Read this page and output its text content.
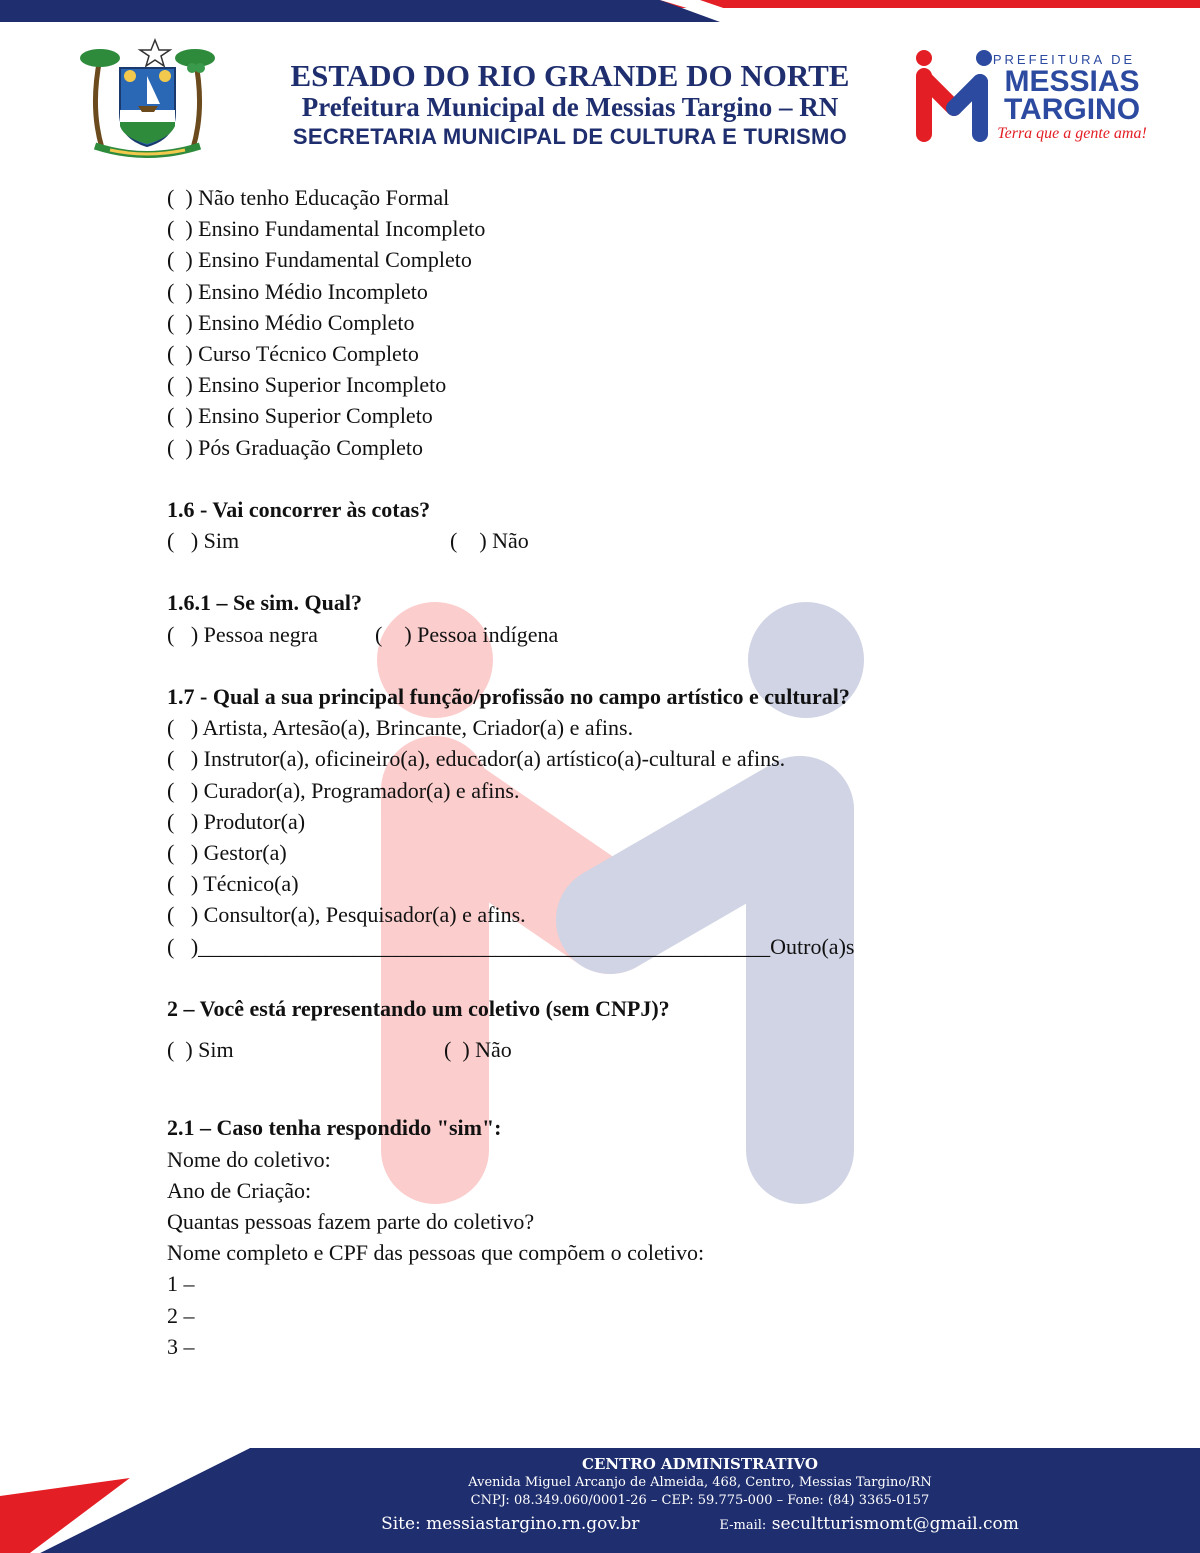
ESTADO DO RIO GRANDE DO NORTE
Prefeitura Municipal de Messias Targino – RN
SECRETARIA MUNICIPAL DE CULTURA E TURISMO
PREFEITURA DE
MESSIAS
TARGINO
Terra que a gente ama!
(  ) Não tenho Educação Formal
(  ) Ensino Fundamental Incompleto
(  ) Ensino Fundamental Completo
(  ) Ensino Médio Incompleto
(  ) Ensino Médio Completo
(  ) Curso Técnico Completo
(  ) Ensino Superior Incompleto
(  ) Ensino Superior Completo
(  ) Pós Graduação Completo
1.6 - Vai concorrer às cotas?
(   ) Sim	(    ) Não
1.6.1 – Se sim. Qual?
(   ) Pessoa negra	(    ) Pessoa indígena
1.7 - Qual a sua principal função/profissão no campo artístico e cultural?
(   ) Artista, Artesão(a), Brincante, Criador(a) e afins.
(   ) Instrutor(a), oficineiro(a), educador(a) artístico(a)-cultural e afins.
(   ) Curador(a), Programador(a) e afins.
(   ) Produtor(a)
(   ) Gestor(a)
(   ) Técnico(a)
(   ) Consultor(a), Pesquisador(a) e afins.
(   )____________________________________________________Outro(a)s
2 – Você está representando um coletivo (sem CNPJ)?
(  ) Sim	(  ) Não
2.1 – Caso tenha respondido "sim":
Nome do coletivo:
Ano de Criação:
Quantas pessoas fazem parte do coletivo?
Nome completo e CPF das pessoas que compõem o coletivo:
1 –
2 –
3 –
CENTRO ADMINISTRATIVO
Avenida Miguel Arcanjo de Almeida, 468, Centro, Messias Targino/RN
CNPJ: 08.349.060/0001-26 – CEP: 59.775-000 – Fone: (84) 3365-0157
Site: messiastargino.rn.gov.br	E-mail: secultturismomt@gmail.com
